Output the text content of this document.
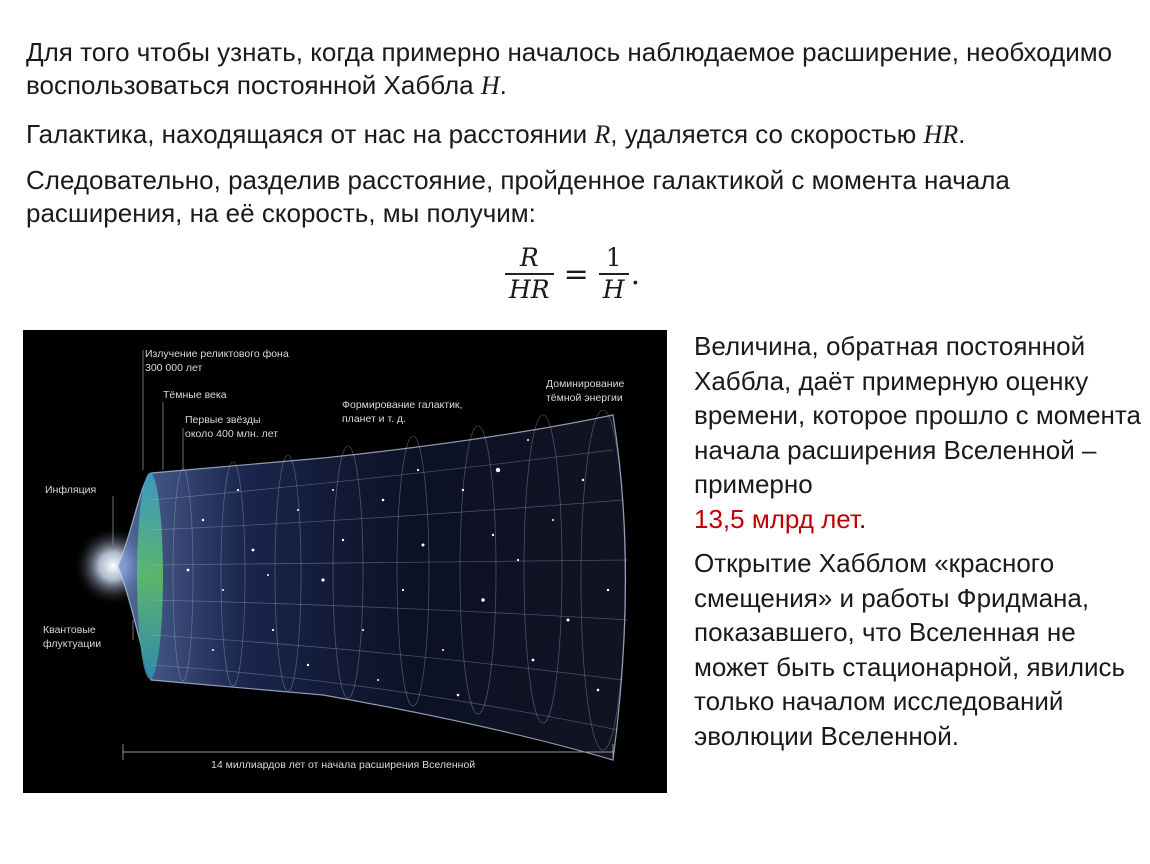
Для того чтобы узнать, когда примерно началось наблюдаемое расширение, необходимо воспользоваться постоянной Хаббла H.

Галактика, находящаяся от нас на расстоянии R, удаляется со скоростью HR.

Следовательно, разделив расстояние, пройденное галактикой с момента начала расширения, на её скорость, мы получим:

$\frac{R}{HR} = \frac{1}{H}$ .
Излучение реликтового фона
300 000 лет
Тёмные века
Первые звёзды
около 400 млн. лет
Формирование галактик,
планет и т. д.
Доминирование
тёмной энергии
Инфляция
Квантовые
флуктуации
14 миллиардов лет от начала расширения Вселенной

Величина, обратная постоянной Хаббла, даёт примерную оценку времени, которое прошло с момента начала расширения Вселенной – примерно
13,5 млрд лет.

Открытие Хабблом «красного смещения» и работы Фридмана, показавшего, что Вселенная не может быть стационарной, явились только началом исследований эволюции Вселенной.
